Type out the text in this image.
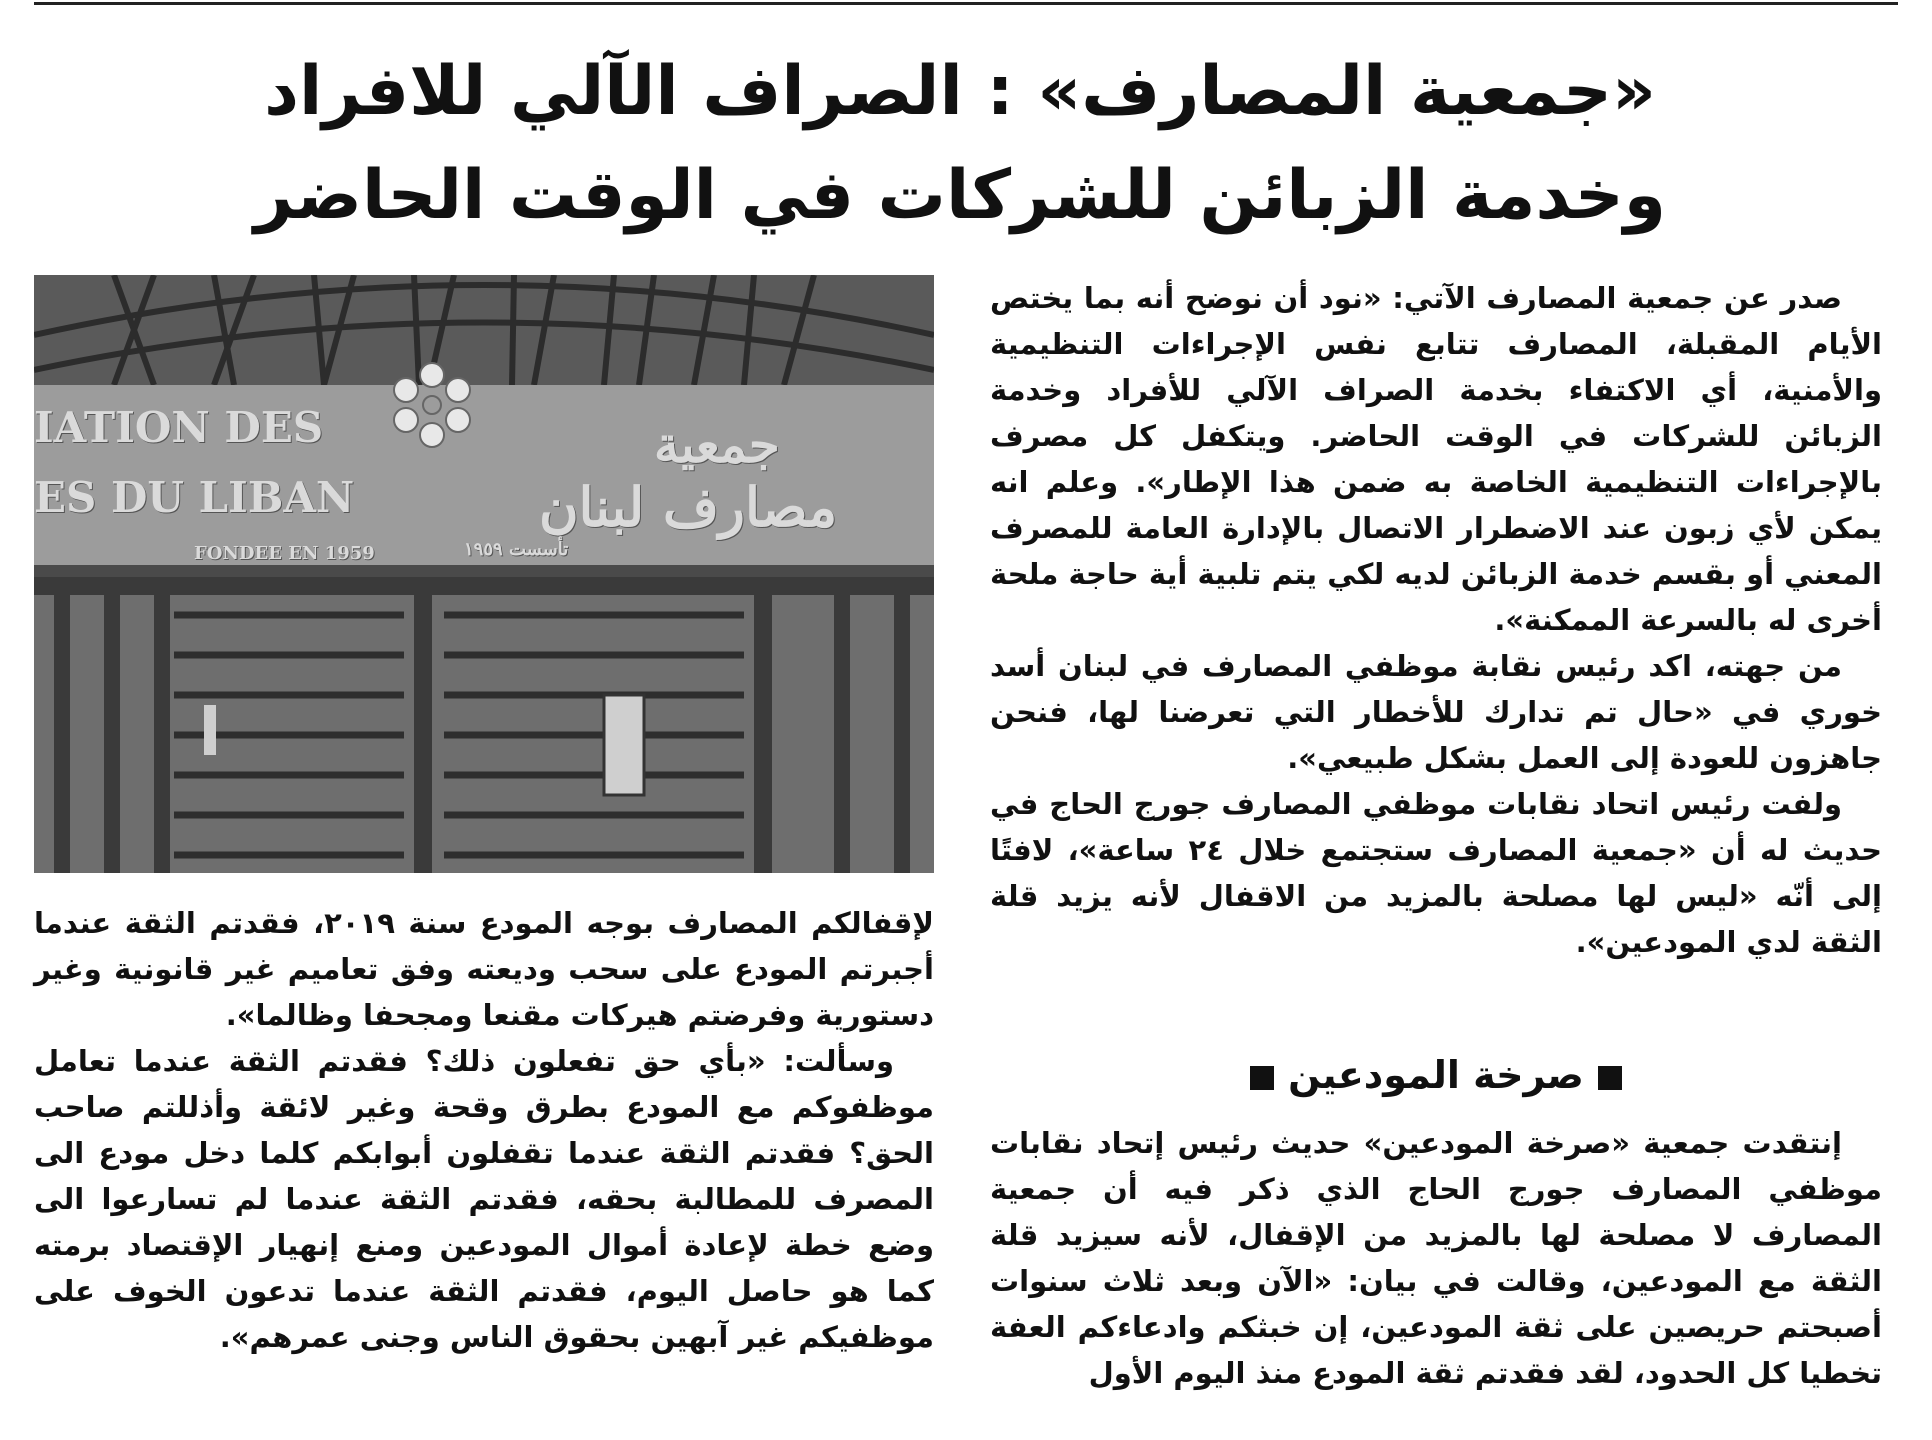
«جمعية المصارف» : الصراف الآلي للافراد
وخدمة الزبائن للشركات في الوقت الحاضر
IATION DES
ES DU LIBAN
جمعية
مصارف لبنان
FONDEE EN 1959	تأسست ١٩٥٩

صدر عن جمعية المصارف الآتي: «نود أن نوضح أنه بما يختص الأيام المقبلة، المصارف تتابع نفس الإجراءات التنظيمية والأمنية، أي الاكتفاء بخدمة الصراف الآلي للأفراد وخدمة الزبائن للشركات في الوقت الحاضر. ويتكفل كل مصرف بالإجراءات التنظيمية الخاصة به ضمن هذا الإطار». وعلم انه يمكن لأي زبون عند الاضطرار الاتصال بالإدارة العامة للمصرف المعني أو بقسم خدمة الزبائن لديه لكي يتم تلبية أية حاجة ملحة أخرى له بالسرعة الممكنة».

من جهته، اكد رئيس نقابة موظفي المصارف في لبنان أسد خوري في «حال تم تدارك للأخطار التي تعرضنا لها، فنحن جاهزون للعودة إلى العمل بشكل طبيعي».

ولفت رئيس اتحاد نقابات موظفي المصارف جورج الحاج في حديث له أن «جمعية المصارف ستجتمع خلال ٢٤ ساعة»، لافتًا إلى أنّه «ليس لها مصلحة بالمزيد من الاقفال لأنه يزيد قلة الثقة لدي المودعين».

صرخة المودعين

إنتقدت جمعية «صرخة المودعين» حديث رئيس إتحاد نقابات موظفي المصارف جورج الحاج الذي ذكر فيه أن جمعية المصارف لا مصلحة لها بالمزيد من الإقفال، لأنه سيزيد قلة الثقة مع المودعين، وقالت في بيان: «الآن وبعد ثلاث سنوات أصبحتم حريصين على ثقة المودعين، إن خبثكم وادعاءكم العفة تخطيا كل الحدود، لقد فقدتم ثقة المودع منذ اليوم الأول

لإقفالكم المصارف بوجه المودع سنة ٢٠١٩، فقدتم الثقة عندما أجبرتم المودع على سحب وديعته وفق تعاميم غير قانونية وغير دستورية وفرضتم هيركات مقنعا ومجحفا وظالما».

وسألت: «بأي حق تفعلون ذلك؟ فقدتم الثقة عندما تعامل موظفوكم مع المودع بطرق وقحة وغير لائقة وأذللتم صاحب الحق؟ فقدتم الثقة عندما تقفلون أبوابكم كلما دخل مودع الى المصرف للمطالبة بحقه، فقدتم الثقة عندما لم تسارعوا الى وضع خطة لإعادة أموال المودعين ومنع إنهيار الإقتصاد برمته كما هو حاصل اليوم، فقدتم الثقة عندما تدعون الخوف على موظفيكم غير آبهين بحقوق الناس وجنى عمرهم».
